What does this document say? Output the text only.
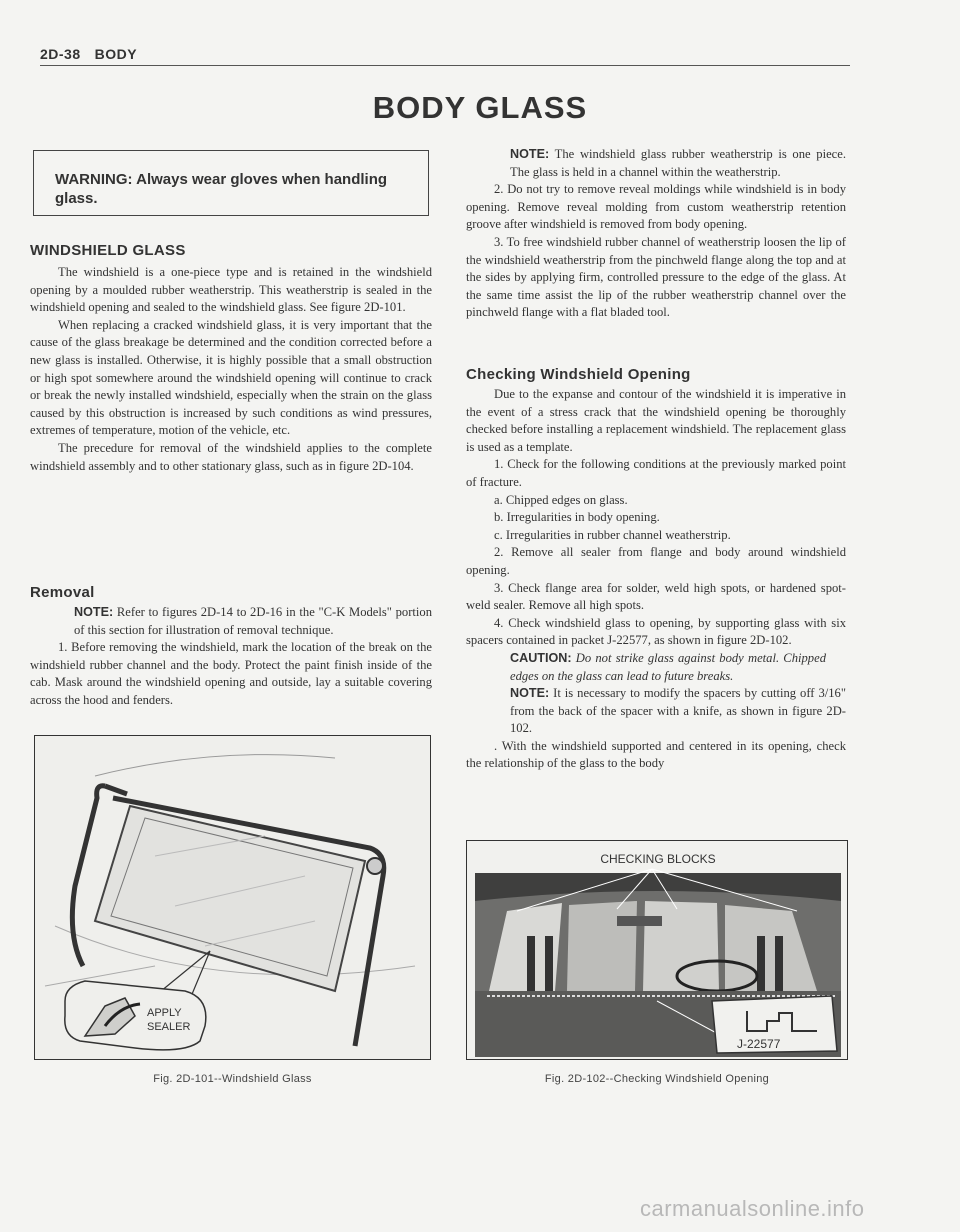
2D-38 BODY
BODY GLASS
WARNING: Always wear gloves when handling glass.
WINDSHIELD GLASS

The windshield is a one-piece type and is retained in the windshield opening by a moulded rubber weatherstrip. This weatherstrip is sealed in the windshield opening and sealed to the windshield glass. See figure 2D-101.

When replacing a cracked windshield glass, it is very important that the cause of the glass breakage be determined and the condition corrected before a new glass is installed. Otherwise, it is highly possible that a small obstruction or high spot somewhere around the windshield opening will continue to crack or break the newly installed windshield, especially when the strain on the glass caused by this obstruction is increased by such conditions as wind pressures, extremes of temperature, motion of the vehicle, etc.

The precedure for removal of the windshield applies to the complete windshield assembly and to other stationary glass, such as in figure 2D-104.

Removal

NOTE: Refer to figures 2D-14 to 2D-16 in the "C-K Models" portion of this section for illustration of removal technique.

1. Before removing the windshield, mark the location of the break on the windshield rubber channel and the body. Protect the paint finish inside of the cab. Mask around the windshield opening and outside, lay a suitable covering across the hood and fenders.

APPLY
SEALER
Fig. 2D-101--Windshield Glass

NOTE: The windshield glass rubber weatherstrip is one piece. The glass is held in a channel within the weatherstrip.

2. Do not try to remove reveal moldings while windshield is in body opening. Remove reveal molding from custom weatherstrip retention groove after windshield is removed from body opening.

3. To free windshield rubber channel of weatherstrip loosen the lip of the windshield weatherstrip from the pinchweld flange along the top and at the sides by applying firm, controlled pressure to the edge of the glass. At the same time assist the lip of the rubber weatherstrip channel over the pinchweld flange with a flat bladed tool.

Checking Windshield Opening

Due to the expanse and contour of the windshield it is imperative in the event of a stress crack that the windshield opening be thoroughly checked before installing a replacement windshield. The replacement glass is used as a template.

1. Check for the following conditions at the previously marked point of fracture.

a. Chipped edges on glass.

b. Irregularities in body opening.

c. Irregularities in rubber channel weatherstrip.

2. Remove all sealer from flange and body around windshield opening.

3. Check flange area for solder, weld high spots, or hardened spot-weld sealer. Remove all high spots.

4. Check windshield glass to opening, by supporting glass with six spacers contained in packet J-22577, as shown in figure 2D-102.

CAUTION: Do not strike glass against body metal. Chipped edges on the glass can lead to future breaks.

NOTE: It is necessary to modify the spacers by cutting off 3/16" from the back of the spacer with a knife, as shown in figure 2D-102.

. With the windshield supported and centered in its opening, check the relationship of the glass to the body

J-22577
CHECKING BLOCKS
Fig. 2D-102--Checking Windshield Opening
carmanualsonline.info
